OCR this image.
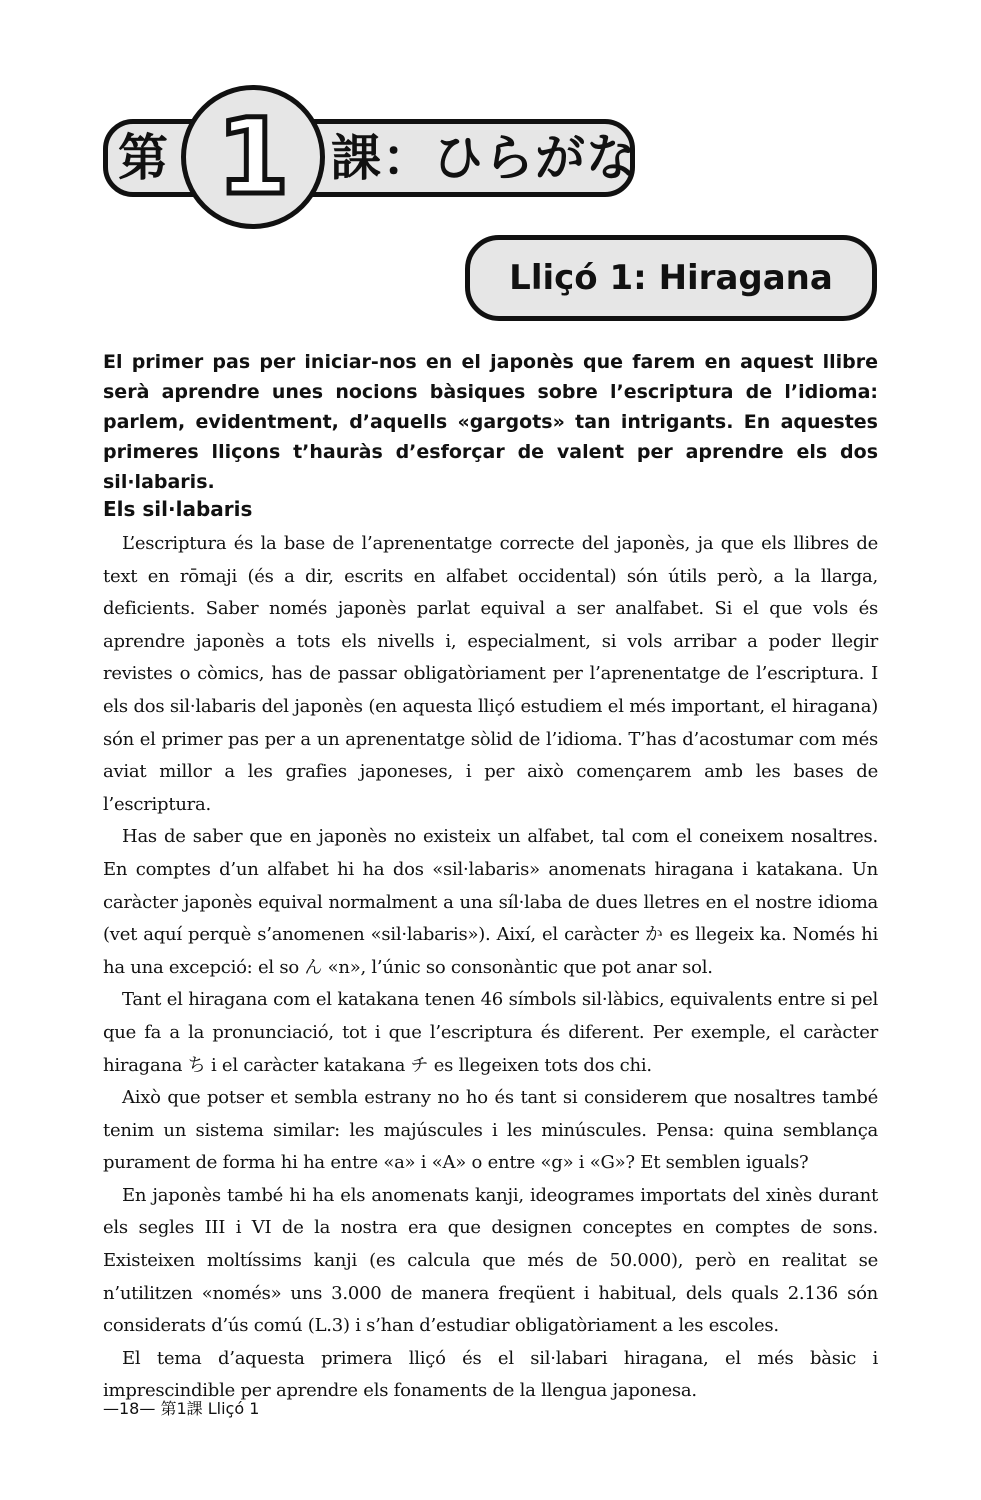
第 1 課：ひらがな
Lliçó 1: Hiragana

El primer pas per iniciar-nos en el japonès que farem en aquest llibre serà aprendre unes nocions bàsiques sobre l’escriptura de l’idioma: parlem, evidentment, d’aquells «gargots» tan intrigants. En aquestes primeres lliçons t’hauràs d’esforçar de valent per aprendre els dos sil·labaris.

Els sil·labaris

L’escriptura és la base de l’aprenentatge correcte del japonès, ja que els llibres de text en rōmaji (és a dir, escrits en alfabet occidental) són útils però, a la llarga, deficients. Saber només japonès parlat equival a ser analfabet. Si el que vols és aprendre japonès a tots els nivells i, especialment, si vols arribar a poder llegir revistes o còmics, has de passar obligatòriament per l’aprenentatge de l’escriptura. I els dos sil·labaris del japonès (en aquesta lliçó estudiem el més important, el hiragana) són el primer pas per a un aprenentatge sòlid de l’idioma. T’has d’acostumar com més aviat millor a les grafies japoneses, i per això començarem amb les bases de l’escriptura.

Has de saber que en japonès no existeix un alfabet, tal com el coneixem nosaltres. En comptes d’un alfabet hi ha dos «sil·labaris» anomenats hiragana i katakana. Un caràcter japonès equival normalment a una síl·laba de dues lletres en el nostre idioma (vet aquí perquè s’anomenen «sil·labaris»). Així, el caràcter か es llegeix ka. Només hi ha una excepció: el so ん «n», l’únic so consonàntic que pot anar sol.

Tant el hiragana com el katakana tenen 46 símbols sil·làbics, equivalents entre si pel que fa a la pronunciació, tot i que l’escriptura és diferent. Per exemple, el caràcter hiragana ち i el caràcter katakana チ es llegeixen tots dos chi.

Això que potser et sembla estrany no ho és tant si considerem que nosaltres també tenim un sistema similar: les majúscules i les minúscules. Pensa: quina semblança purament de forma hi ha entre «a» i «A» o entre «g» i «G»? Et semblen iguals?

En japonès també hi ha els anomenats kanji, ideogrames importats del xinès durant els segles III i VI de la nostra era que designen conceptes en comptes de sons. Existeixen moltíssims kanji (es calcula que més de 50.000), però en realitat se n’utilitzen «només» uns 3.000 de manera freqüent i habitual, dels quals 2.136 són considerats d’ús comú (L.3) i s’han d’estudiar obligatòriament a les escoles.

El tema d’aquesta primera lliçó és el sil·labari hiragana, el més bàsic i imprescindible per aprendre els fonaments de la llengua japonesa.

—18— 第1課 Lliçó 1
